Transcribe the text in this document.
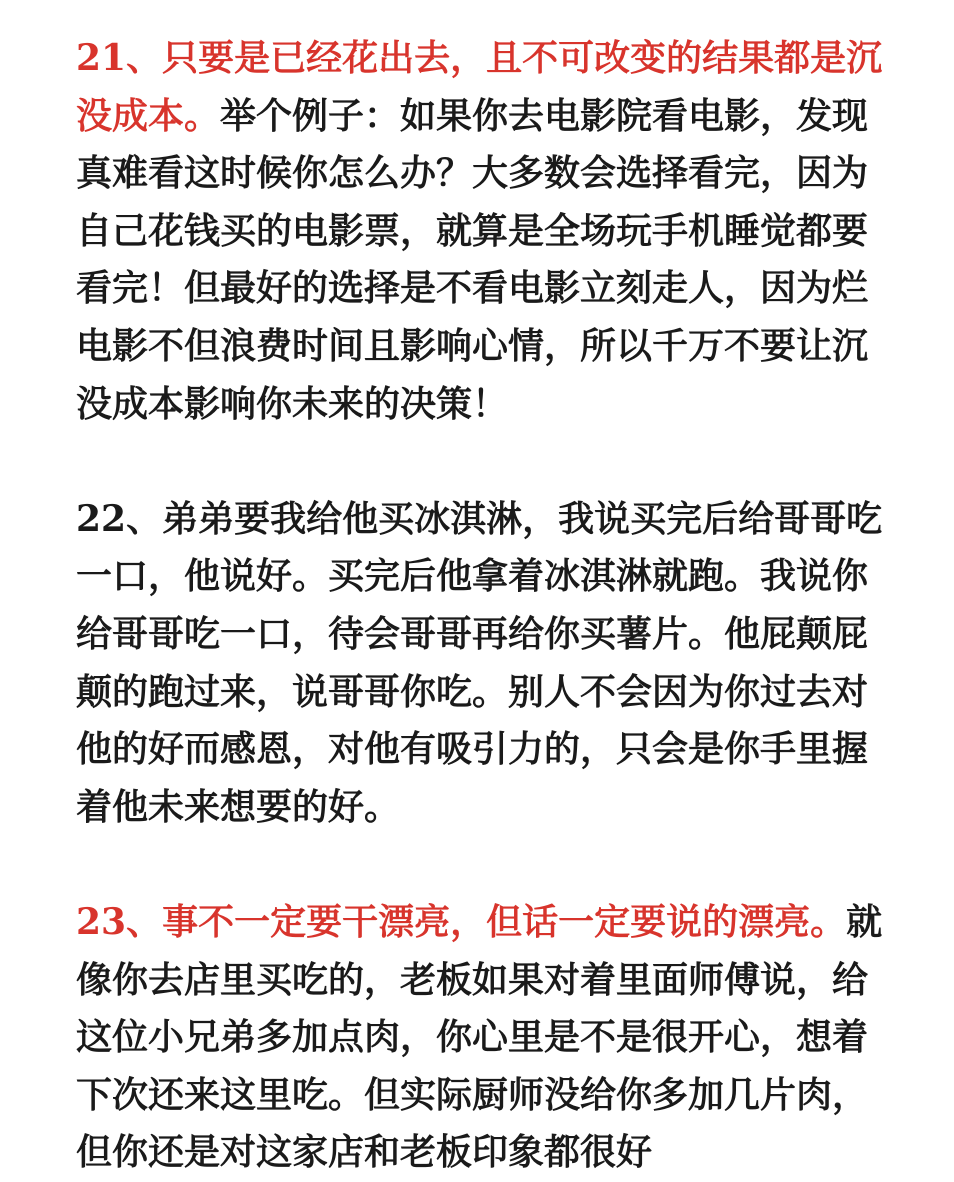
21、只要是已经花出去，且不可改变的结果都是沉没成本。举个例子：如果你去电影院看电影，发现真难看这时候你怎么办？大多数会选择看完，因为自己花钱买的电影票，就算是全场玩手机睡觉都要看完！但最好的选择是不看电影立刻走人，因为烂电影不但浪费时间且影响心情，所以千万不要让沉没成本影响你未来的决策！

22、弟弟要我给他买冰淇淋，我说买完后给哥哥吃一口，他说好。买完后他拿着冰淇淋就跑。我说你给哥哥吃一口，待会哥哥再给你买薯片。他屁颠屁颠的跑过来，说哥哥你吃。别人不会因为你过去对他的好而感恩，对他有吸引力的，只会是你手里握着他未来想要的好。

23、事不一定要干漂亮，但话一定要说的漂亮。就像你去店里买吃的，老板如果对着里面师傅说，给这位小兄弟多加点肉，你心里是不是很开心，想着下次还来这里吃。但实际厨师没给你多加几片肉，但你还是对这家店和老板印象都很好
